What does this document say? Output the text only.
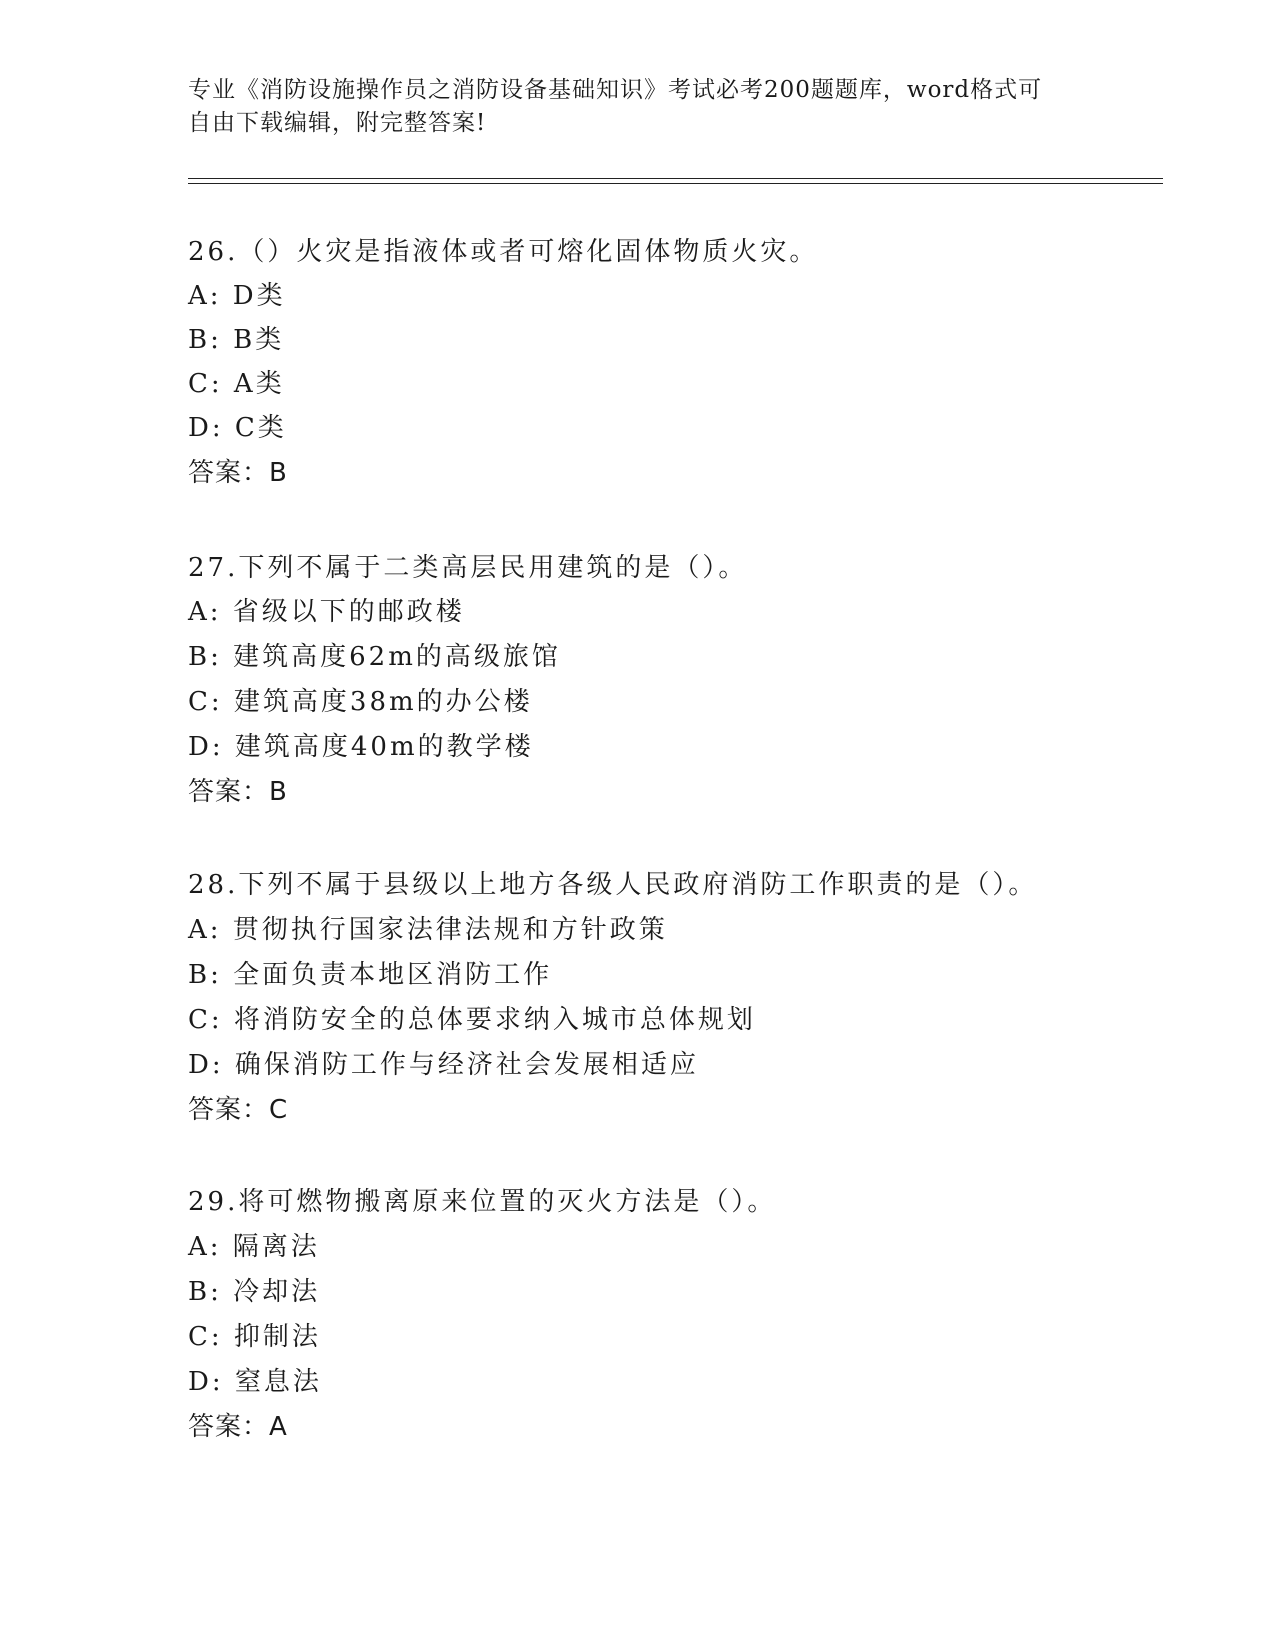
专业《消防设施操作员之消防设备基础知识》考试必考200题题库，word格式可
自由下载编辑，附完整答案!
26.（）火灾是指液体或者可熔化固体物质火灾。
A: D类
B: B类
C: A类
D: C类
答案：B
27.下列不属于二类高层民用建筑的是（）。
A: 省级以下的邮政楼
B: 建筑高度62m的高级旅馆
C: 建筑高度38m的办公楼
D: 建筑高度40m的教学楼
答案：B
28.下列不属于县级以上地方各级人民政府消防工作职责的是（）。
A: 贯彻执行国家法律法规和方针政策
B: 全面负责本地区消防工作
C: 将消防安全的总体要求纳入城市总体规划
D: 确保消防工作与经济社会发展相适应
答案：C
29.将可燃物搬离原来位置的灭火方法是（）。
A: 隔离法
B: 冷却法
C: 抑制法
D: 窒息法
答案：A
